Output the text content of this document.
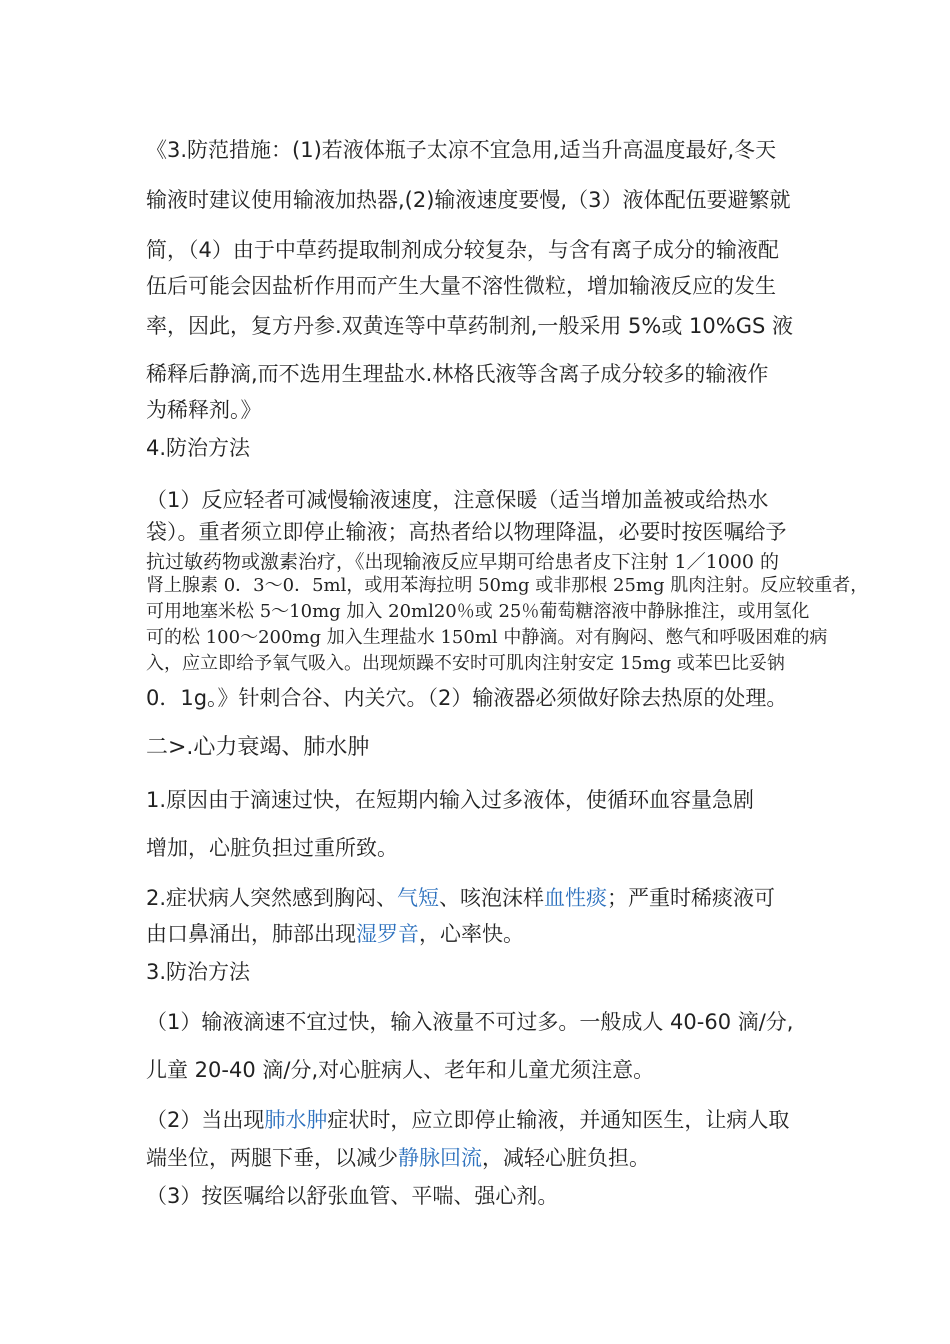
《3.防范措施：(1)若液体瓶子太凉不宜急用,适当升高温度最好,冬天
输液时建议使用输液加热器,(2)输液速度要慢,（3）液体配伍要避繁就
简，（4）由于中草药提取制剂成分较复杂，与含有离子成分的输液配
伍后可能会因盐析作用而产生大量不溶性微粒，增加输液反应的发生
率，因此，复方丹参.双黄连等中草药制剂,一般采用 5%或 10%GS 液
稀释后静滴,而不选用生理盐水.林格氏液等含离子成分较多的输液作
为稀释剂。》
4.防治方法
（1）反应轻者可减慢输液速度，注意保暖（适当增加盖被或给热水
袋）。重者须立即停止输液；高热者给以物理降温，必要时按医嘱给予
抗过敏药物或激素治疗，《出现输液反应早期可给患者皮下注射 1／1000 的
肾上腺素 0．3～0．5ml，或用苯海拉明 50mg 或非那根 25mg 肌肉注射。反应较重者，
可用地塞米松 5～10mg 加入 20ml20％或 25％葡萄糖溶液中静脉推注，或用氢化
可的松 100～200mg 加入生理盐水 150ml 中静滴。对有胸闷、憋气和呼吸困难的病
入，应立即给予氧气吸入。出现烦躁不安时可肌肉注射安定 15mg 或苯巴比妥钠
0．1g。》针刺合谷、内关穴。（2）输液器必须做好除去热原的处理。
二>.心力衰竭、肺水肿
1.原因由于滴速过快，在短期内输入过多液体，使循环血容量急剧
增加，心脏负担过重所致。
2.症状病人突然感到胸闷、气短、咳泡沫样血性痰；严重时稀痰液可
由口鼻涌出，肺部出现湿罗音，心率快。
3.防治方法
（1）输液滴速不宜过快，输入液量不可过多。一般成人 40-60 滴/分,
儿童 20-40 滴/分,对心脏病人、老年和儿童尤须注意。
（2）当出现肺水肿症状时，应立即停止输液，并通知医生，让病人取
端坐位，两腿下垂，以减少静脉回流，减轻心脏负担。
（3）按医嘱给以舒张血管、平喘、强心剂。
